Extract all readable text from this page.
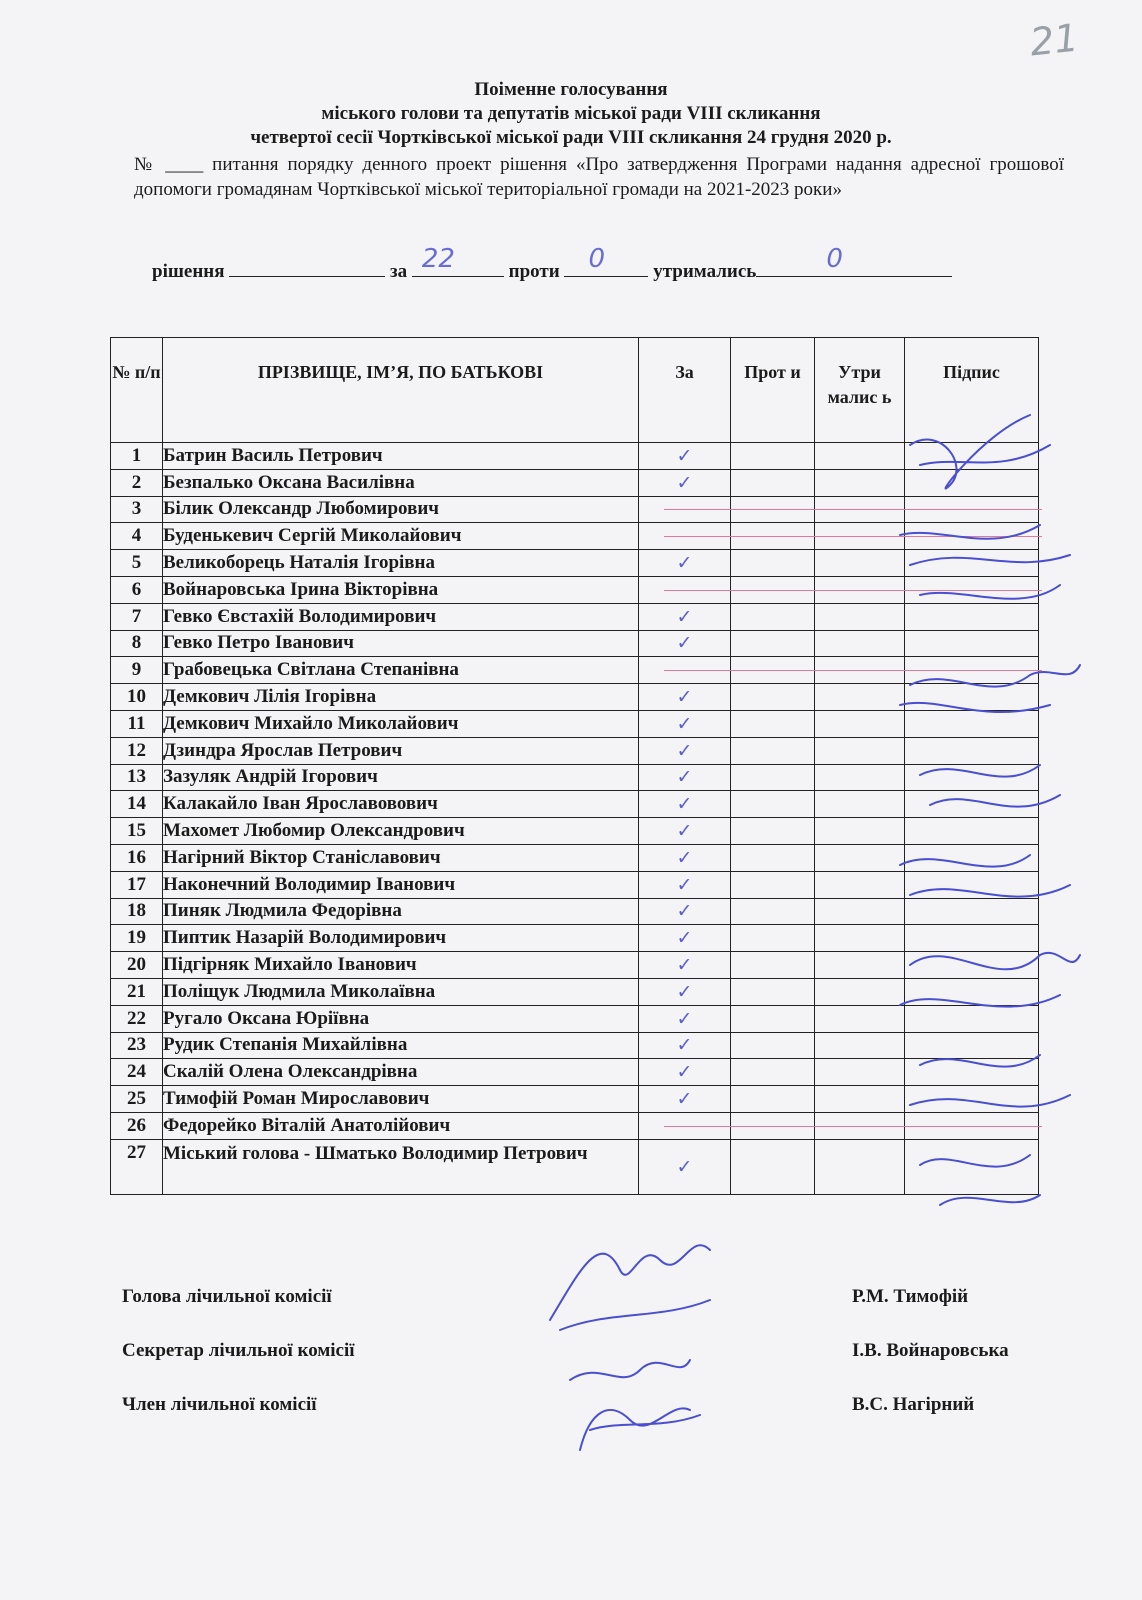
21
Поіменне голосування
міського голови та депутатів міської ради VIII скликання
четвертої сесії Чортківської міської ради VIII скликання 24 грудня 2020 р.
№ ____ питання порядку денного проект рішення «Про затвердження Програми надання адресної грошової допомоги громадянам Чортківської міської територіальної громади на 2021-2023 роки»
рішення	за 22	проти 0	утримались	0
№ п/п	ПРІЗВИЩЕ, ІМ’Я, ПО БАТЬКОВІ	За	Прот и	Утри малис ь	Підпис
1	Батрин Василь Петрович	✓			
2	Безпалько Оксана Василівна	✓			
3	Білик Олександр Любомирович				
4	Буденькевич Сергій Миколайович				
5	Великоборець Наталія Ігорівна	✓			
6	Войнаровська Ірина Вікторівна				
7	Гевко Євстахій Володимирович	✓			
8	Гевко Петро Іванович	✓			
9	Грабовецька Світлана Степанівна				
10	Демкович Лілія Ігорівна	✓			
11	Демкович Михайло Миколайович	✓			
12	Дзиндра Ярослав Петрович	✓			
13	Зазуляк Андрій Ігорович	✓			
14	Калакайло Іван Ярославовович	✓			
15	Махомет Любомир Олександрович	✓			
16	Нагірний Віктор Станіславович	✓			
17	Наконечний Володимир Іванович	✓			
18	Пиняк Людмила Федорівна	✓			
19	Пиптик Назарій Володимирович	✓			
20	Підгірняк Михайло Іванович	✓			
21	Поліщук Людмила Миколаївна	✓			
22	Ругало Оксана Юріївна	✓			
23	Рудик Степанія Михайлівна	✓			
24	Скалій Олена Олександрівна	✓			
25	Тимофій Роман Мирославович	✓			
26	Федорейко Віталій Анатолійович				
27	Міський голова - Шматько Володимир Петрович	✓			
Голова лічильної комісії	Р.М. Тимофій
Секретар лічильної комісії	І.В. Войнаровська
Член лічильної комісії	В.С. Нагірний
